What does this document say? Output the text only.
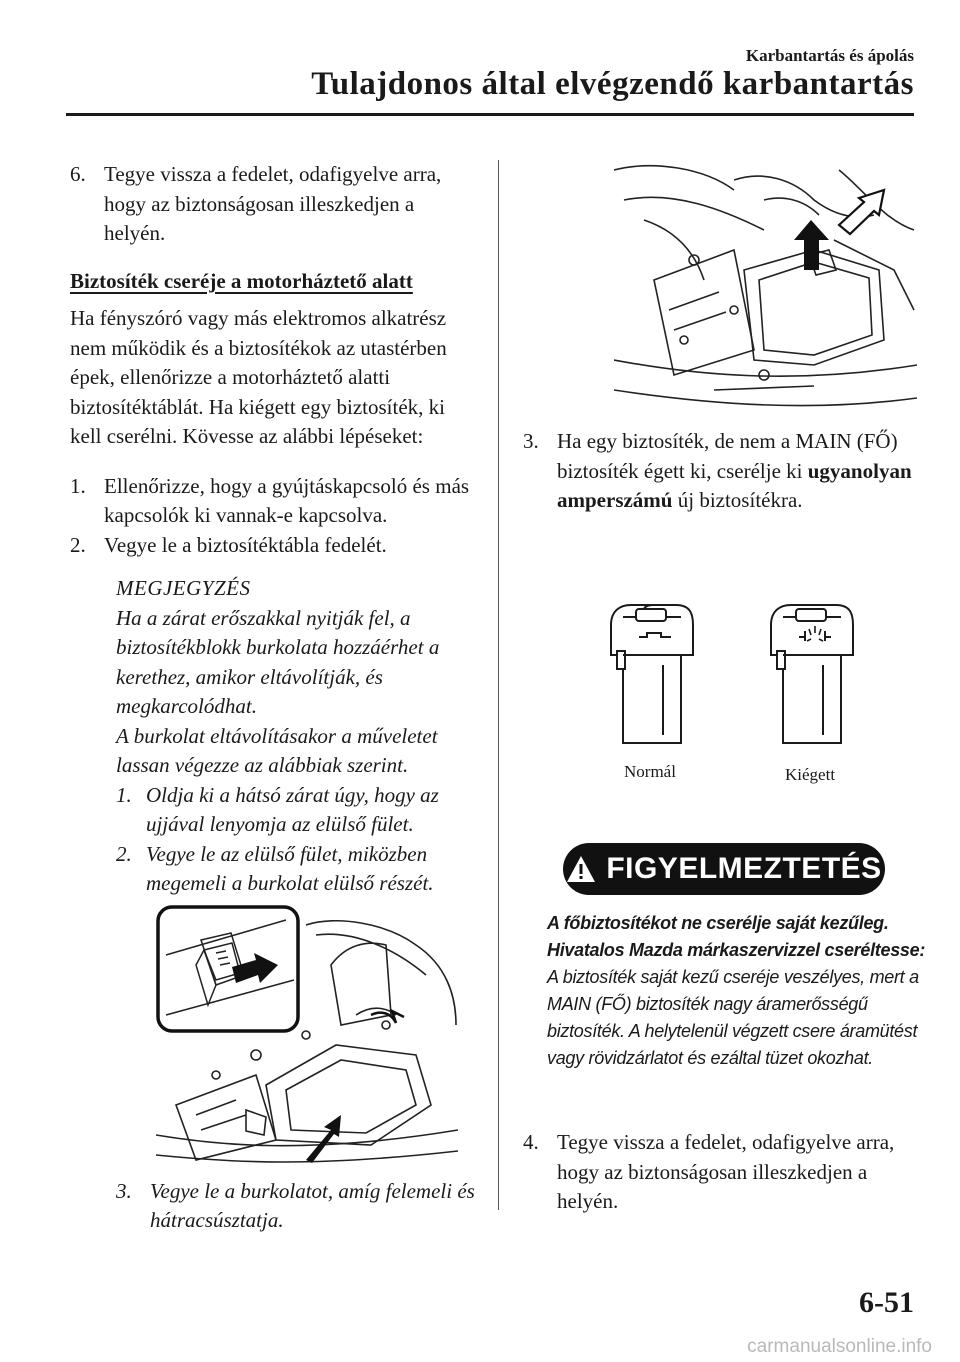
Karbantartás és ápolás
Tulajdonos által elvégzendő karbantartás
6. Tegye vissza a fedelet, odafigyelve arra, hogy az biztonságosan illeszkedjen a helyén.
Biztosíték cseréje a motorháztető alatt

Ha fényszóró vagy más elektromos alkatrész nem működik és a biztosítékok az utastérben épek, ellenőrizze a motorháztető alatti biztosítéktáblát. Ha kiégett egy biztosíték, ki kell cserélni. Kövesse az alábbi lépéseket:

1. Ellenőrizze, hogy a gyújtáskapcsoló és más kapcsolók ki vannak-e kapcsolva.
2. Vegye le a biztosítéktábla fedelét.
MEGJEGYZÉS
Ha a zárat erőszakkal nyitják fel, a biztosítékblokk burkolata hozzáérhet a kerethez, amikor eltávolítják, és megkarcolódhat.
A burkolat eltávolításakor a műveletet lassan végezze az alábbiak szerint.
1. Oldja ki a hátsó zárat úgy, hogy az ujjával lenyomja az elülső fület.
2. Vegye le az elülső fület, miközben megemeli a burkolat elülső részét.
3. Vegye le a burkolatot, amíg felemeli és hátracsúsztatja.
3. Ha egy biztosíték, de nem a MAIN (FŐ) biztosíték égett ki, cserélje ki ugyanolyan amperszámú új biztosítékra.
Normál	Kiégett
FIGYELMEZTETÉS
A főbiztosítékot ne cserélje saját kezűleg. Hivatalos Mazda márkaszervizzel cseréltesse:
A biztosíték saját kezű cseréje veszélyes, mert a MAIN (FŐ) biztosíték nagy áramerősségű biztosíték. A helytelenül végzett csere áramütést vagy rövidzárlatot és ezáltal tüzet okozhat.
4. Tegye vissza a fedelet, odafigyelve arra, hogy az biztonságosan illeszkedjen a helyén.
6-51
carmanualsonline.info
